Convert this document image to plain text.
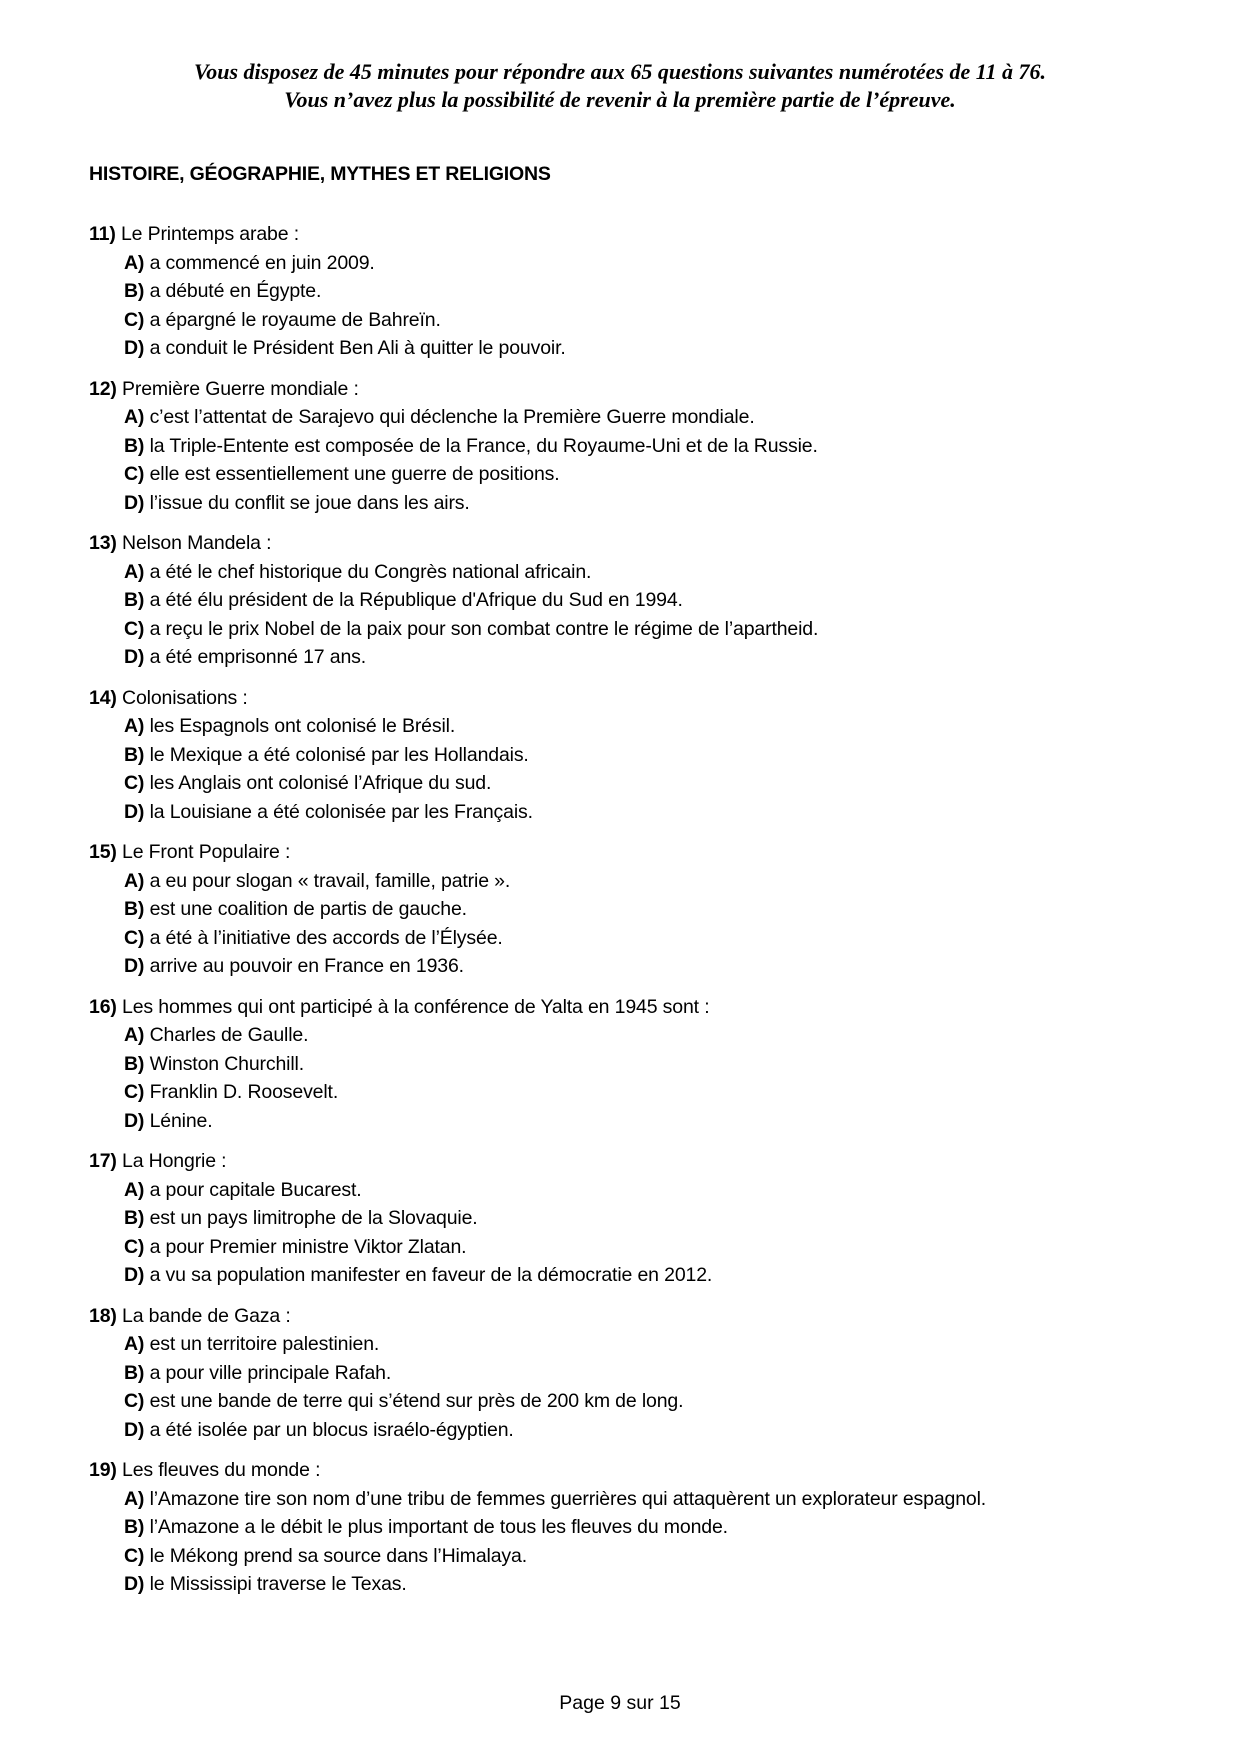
Vous disposez de 45 minutes pour répondre aux 65 questions suivantes numérotées de 11 à 76.
Vous n’avez plus la possibilité de revenir à la première partie de l’épreuve.
HISTOIRE, GÉOGRAPHIE, MYTHES ET RELIGIONS
11) Le Printemps arabe :
A) a commencé en juin 2009.
B) a débuté en Égypte.
C) a épargné le royaume de Bahreïn.
D) a conduit le Président Ben Ali à quitter le pouvoir.
12) Première Guerre mondiale :
A) c’est l’attentat de Sarajevo qui déclenche la Première Guerre mondiale.
B) la Triple-Entente est composée de la France, du Royaume-Uni et de la Russie.
C) elle est essentiellement une guerre de positions.
D) l’issue du conflit se joue dans les airs.
13) Nelson Mandela :
A) a été le chef historique du Congrès national africain.
B) a été élu président de la République d'Afrique du Sud en 1994.
C) a reçu le prix Nobel de la paix pour son combat contre le régime de l’apartheid.
D) a été emprisonné 17 ans.
14) Colonisations :
A) les Espagnols ont colonisé le Brésil.
B) le Mexique a été colonisé par les Hollandais.
C) les Anglais ont colonisé l’Afrique du sud.
D) la Louisiane a été colonisée par les Français.
15) Le Front Populaire :
A) a eu pour slogan « travail, famille, patrie ».
B) est une coalition de partis de gauche.
C) a été à l’initiative des accords de l’Élysée.
D) arrive au pouvoir en France en 1936.
16) Les hommes qui ont participé à la conférence de Yalta en 1945 sont :
A) Charles de Gaulle.
B) Winston Churchill.
C) Franklin D. Roosevelt.
D) Lénine.
17) La Hongrie :
A) a pour capitale Bucarest.
B) est un pays limitrophe de la Slovaquie.
C) a pour Premier ministre Viktor Zlatan.
D) a vu sa population manifester en faveur de la démocratie en 2012.
18) La bande de Gaza :
A) est un territoire palestinien.
B) a pour ville principale Rafah.
C) est une bande de terre qui s’étend sur près de 200 km de long.
D) a été isolée par un blocus israélo-égyptien.
19) Les fleuves du monde :
A) l’Amazone tire son nom d’une tribu de femmes guerrières qui attaquèrent un explorateur espagnol.
B) l’Amazone a le débit le plus important de tous les fleuves du monde.
C) le Mékong prend sa source dans l’Himalaya.
D) le Mississipi traverse le Texas.
Page 9 sur 15
